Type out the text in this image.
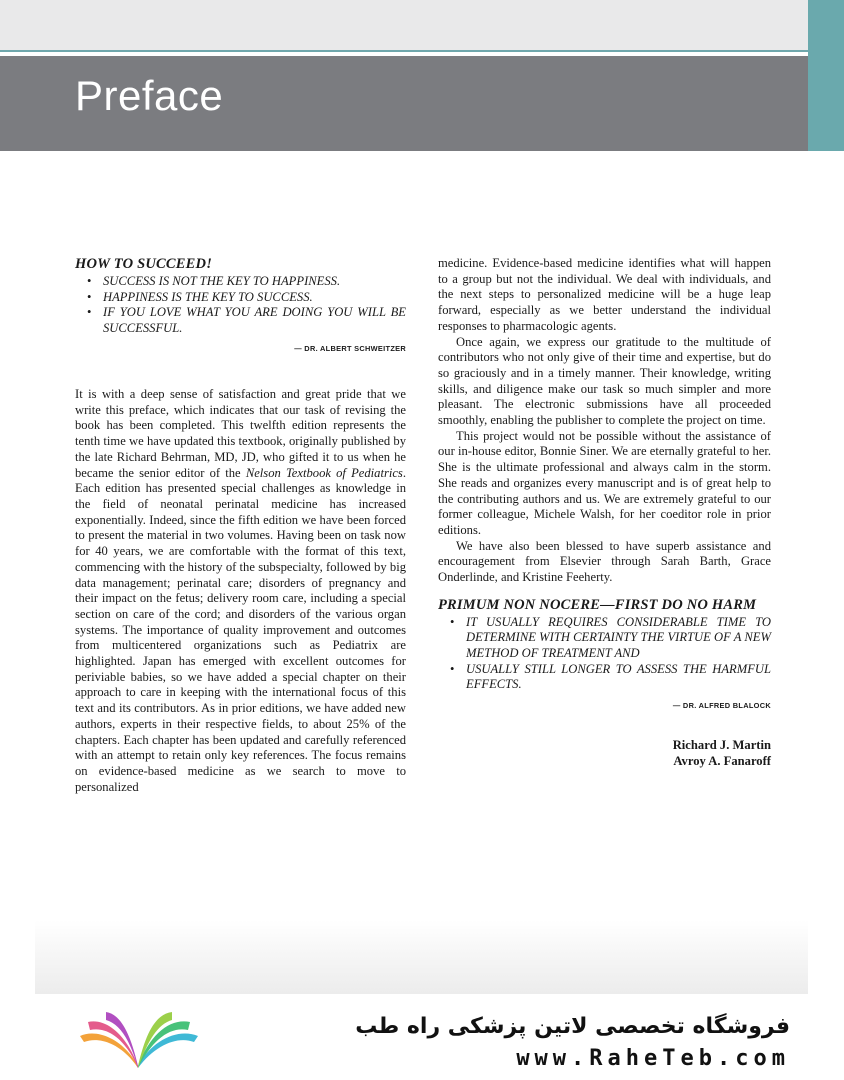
Preface
HOW TO SUCCEED!
• SUCCESS IS NOT THE KEY TO HAPPINESS.
• HAPPINESS IS THE KEY TO SUCCESS.
• IF YOU LOVE WHAT YOU ARE DOING YOU WILL BE SUCCESSFUL.
— DR. ALBERT SCHWEITZER

It is with a deep sense of satisfaction and great pride that we write this preface, which indicates that our task of revising the book has been completed. This twelfth edition represents the tenth time we have updated this textbook, originally published by the late Richard Behrman, MD, JD, who gifted it to us when he became the senior editor of the Nelson Textbook of Pediatrics. Each edition has presented special challenges as knowledge in the field of neonatal perinatal medicine has increased exponentially. Indeed, since the fifth edition we have been forced to present the material in two volumes. Having been on task now for 40 years, we are comfortable with the format of this text, commencing with the history of the subspecialty, followed by big data management; perinatal care; disorders of pregnancy and their impact on the fetus; delivery room care, including a special section on care of the cord; and disorders of the various organ systems. The importance of quality improvement and outcomes from multicentered organizations such as Pediatrix are highlighted. Japan has emerged with excellent outcomes for periviable babies, so we have added a special chapter on their approach to care in keeping with the international focus of this text and its contributors. As in prior editions, we have added new authors, experts in their respective fields, to about 25% of the chapters. Each chapter has been updated and carefully referenced with an attempt to retain only key references. The focus remains on evidence-based medicine as we search to move to personalized

medicine. Evidence-based medicine identifies what will happen to a group but not the individual. We deal with individuals, and the next steps to personalized medicine will be a huge leap forward, especially as we better understand the individual responses to pharmacologic agents.

Once again, we express our gratitude to the multitude of contributors who not only give of their time and expertise, but do so graciously and in a timely manner. Their knowledge, writing skills, and diligence make our task so much simpler and more pleasant. The electronic submissions have all proceeded smoothly, enabling the publisher to complete the project on time.

This project would not be possible without the assistance of our in-house editor, Bonnie Siner. We are eternally grateful to her. She is the ultimate professional and always calm in the storm. She reads and organizes every manuscript and is of great help to the contributing authors and us. We are extremely grateful to our former colleague, Michele Walsh, for her coeditor role in prior editions.

We have also been blessed to have superb assistance and encouragement from Elsevier through Sarah Barth, Grace Onderlinde, and Kristine Feeherty.

PRIMUM NON NOCERE—FIRST DO NO HARM
• IT USUALLY REQUIRES CONSIDERABLE TIME TO DETERMINE WITH CERTAINTY THE VIRTUE OF A NEW METHOD OF TREATMENT AND
• USUALLY STILL LONGER TO ASSESS THE HARMFUL EFFECTS.
— DR. ALFRED BLALOCK
Richard J. Martin
Avroy A. Fanaroff
فروشگاه تخصصی لاتین پزشکی راه طب
www.RaheTeb.com
